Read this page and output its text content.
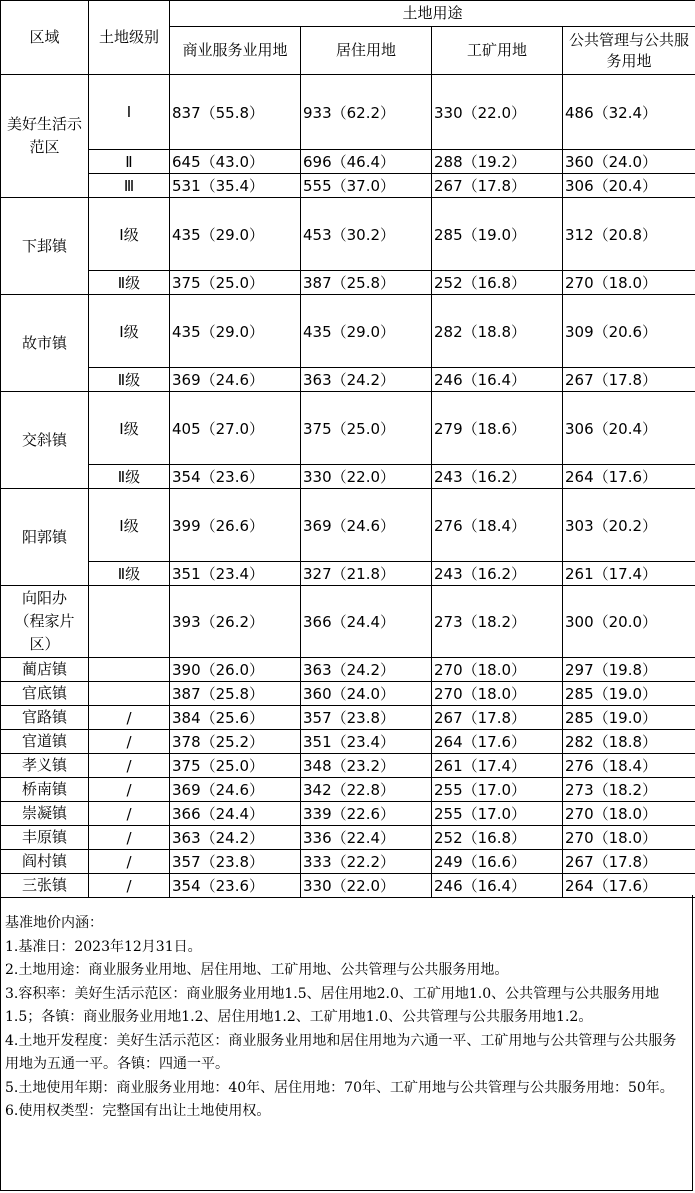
区域	土地级别	土地用途			
		商业服务业用地	居住用地	工矿用地	公共管理与公共服务用地
美好生活示范区	Ⅰ	837（55.8）	933（62.2）	330（22.0）	486（32.4）
	Ⅱ	645（43.0）	696（46.4）	288（19.2）	360（24.0）
	Ⅲ	531（35.4）	555（37.0）	267（17.8）	306（20.4）
下邽镇	Ⅰ级	435（29.0）	453（30.2）	285（19.0）	312（20.8）
	Ⅱ级	375（25.0）	387（25.8）	252（16.8）	270（18.0）
故市镇	Ⅰ级	435（29.0）	435（29.0）	282（18.8）	309（20.6）
	Ⅱ级	369（24.6）	363（24.2）	246（16.4）	267（17.8）
交斜镇	Ⅰ级	405（27.0）	375（25.0）	279（18.6）	306（20.4）
	Ⅱ级	354（23.6）	330（22.0）	243（16.2）	264（17.6）
阳郭镇	Ⅰ级	399（26.6）	369（24.6）	276（18.4）	303（20.2）
	Ⅱ级	351（23.4）	327（21.8）	243（16.2）	261（17.4）
向阳办（程家片区）		393（26.2）	366（24.4）	273（18.2）	300（20.0）
蔺店镇		390（26.0）	363（24.2）	270（18.0）	297（19.8）
官底镇		387（25.8）	360（24.0）	270（18.0）	285（19.0）
官路镇	/	384（25.6）	357（23.8）	267（17.8）	285（19.0）
官道镇	/	378（25.2）	351（23.4）	264（17.6）	282（18.8）
孝义镇	/	375（25.0）	348（23.2）	261（17.4）	276（18.4）
桥南镇	/	369（24.6）	342（22.8）	255（17.0）	273（18.2）
崇凝镇	/	366（24.4）	339（22.6）	255（17.0）	270（18.0）
丰原镇	/	363（24.2）	336（22.4）	252（16.8）	270（18.0）
阎村镇	/	357（23.8）	333（22.2）	249（16.6）	267（17.8）
三张镇	/	354（23.6）	330（22.0）	246（16.4）	264（17.6）

基准地价内涵：

1.基准日：2023年12月31日。

2.土地用途：商业服务业用地、居住用地、工矿用地、公共管理与公共服务用地。

3.容积率：美好生活示范区：商业服务业用地1.5、居住用地2.0、工矿用地1.0、公共管理与公共服务用地1.5；各镇：商业服务业用地1.2、居住用地1.2、工矿用地1.0、公共管理与公共服务用地1.2。

4.土地开发程度：美好生活示范区：商业服务业用地和居住用地为六通一平、工矿用地与公共管理与公共服务用地为五通一平。各镇：四通一平。

5.土地使用年期：商业服务业用地：40年、居住用地：70年、工矿用地与公共管理与公共服务用地：50年。

6.使用权类型：完整国有出让土地使用权。
